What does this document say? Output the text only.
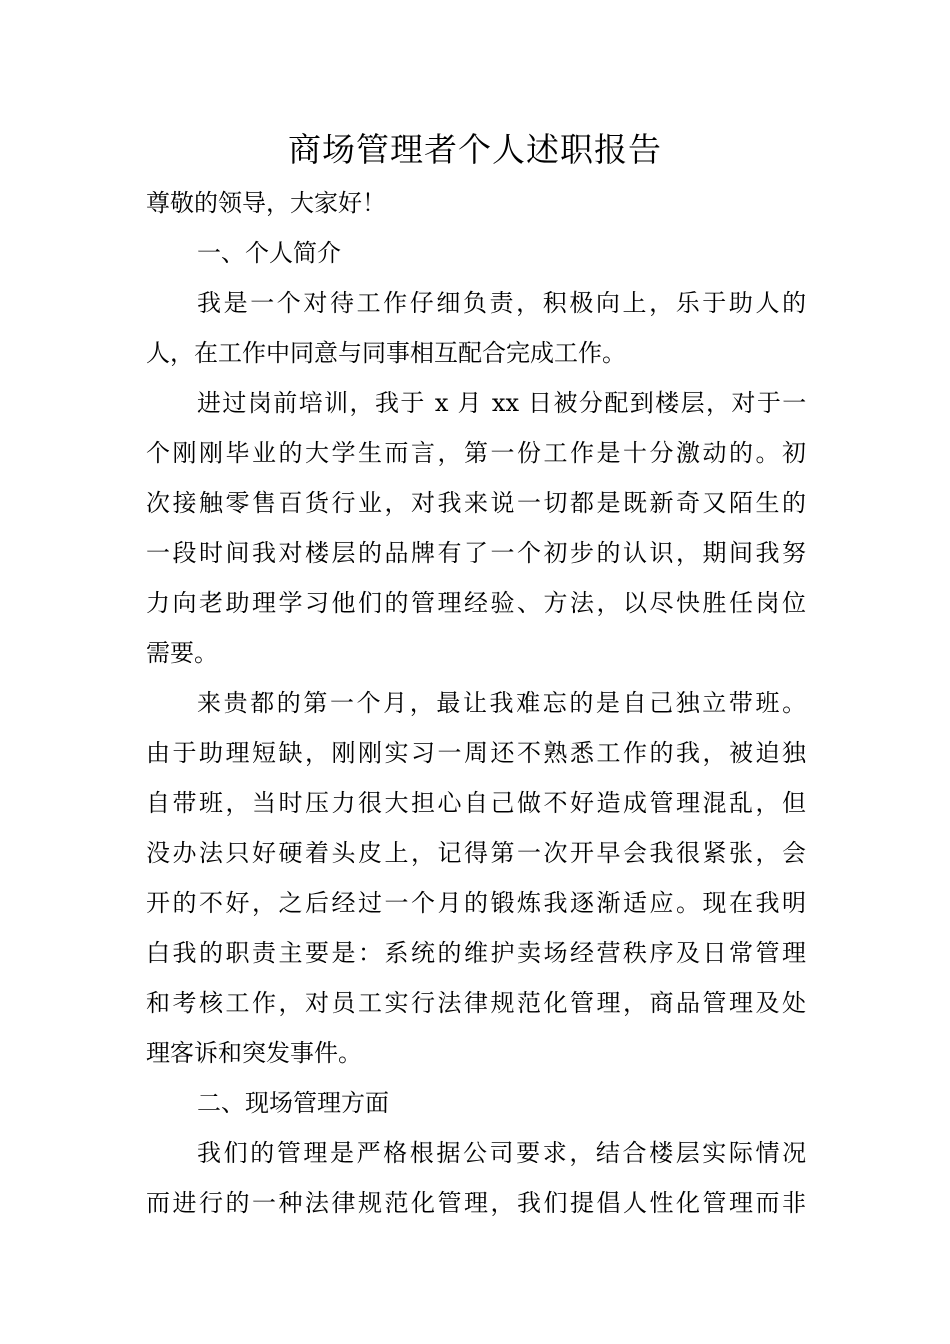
商场管理者个人述职报告
尊敬的领导，大家好！
一、个人简介
我是一个对待工作仔细负责，积极向上，乐于助人的
人，在工作中同意与同事相互配合完成工作。
进过岗前培训，我于 x 月 xx 日被分配到楼层，对于一
个刚刚毕业的大学生而言，第一份工作是十分激动的。初
次接触零售百货行业，对我来说一切都是既新奇又陌生的
一段时间我对楼层的品牌有了一个初步的认识，期间我努
力向老助理学习他们的管理经验、方法，以尽快胜任岗位
需要。
来贵都的第一个月，最让我难忘的是自己独立带班。
由于助理短缺，刚刚实习一周还不熟悉工作的我，被迫独
自带班，当时压力很大担心自己做不好造成管理混乱，但
没办法只好硬着头皮上，记得第一次开早会我很紧张，会
开的不好，之后经过一个月的锻炼我逐渐适应。现在我明
白我的职责主要是：系统的维护卖场经营秩序及日常管理
和考核工作，对员工实行法律规范化管理，商品管理及处
理客诉和突发事件。
二、现场管理方面
我们的管理是严格根据公司要求，结合楼层实际情况
而进行的一种法律规范化管理，我们提倡人性化管理而非
